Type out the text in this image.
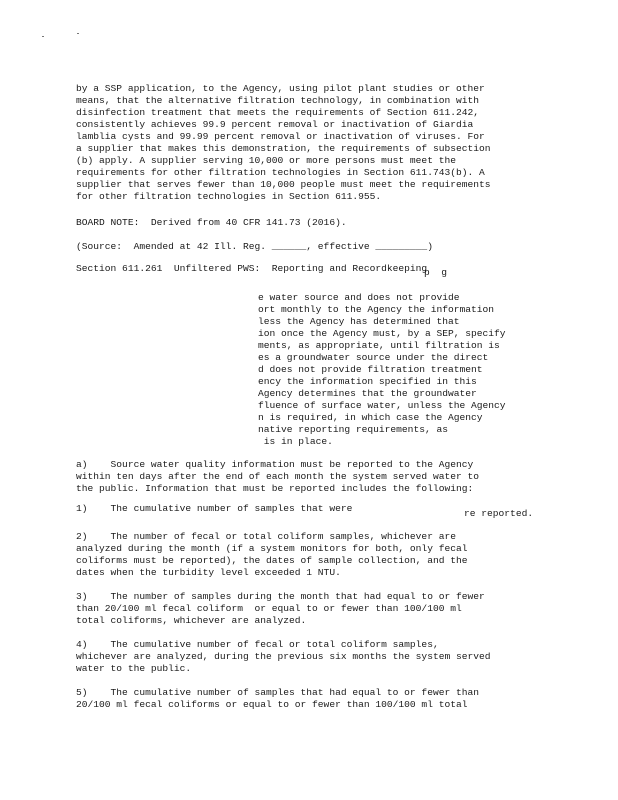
by a SSP application, to the Agency, using pilot plant studies or other
means, that the alternative filtration technology, in combination with
disinfection treatment that meets the requirements of Section 611.242,
consistently achieves 99.9 percent removal or inactivation of Giardia
lamblia cysts and 99.99 percent removal or inactivation of viruses. For
a supplier that makes this demonstration, the requirements of subsection
(b) apply. A supplier serving 10,000 or more persons must meet the
requirements for other filtration technologies in Section 611.743(b). A
supplier that serves fewer than 10,000 people must meet the requirements
for other filtration technologies in Section 611.955.
BOARD NOTE:  Derived from 40 CFR 141.73 (2016).
(Source:  Amended at 42 Ill. Reg. ______, effective _________)
Section 611.261  Unfiltered PWS:  Reporting and Recordkeeping
p  g
e water source and does not provide
ort monthly to the Agency the information
less the Agency has determined that
ion once the Agency must, by a SEP, specify
ments, as appropriate, until filtration is
es a groundwater source under the direct
d does not provide filtration treatment
ency the information specified in this
Agency determines that the groundwater
fluence of surface water, unless the Agency
n is required, in which case the Agency
native reporting requirements, as
is in place.
a)    Source water quality information must be reported to the Agency
within ten days after the end of each month the system served water to
the public. Information that must be reported includes the following:
1)    The cumulative number of samples that were	re reported.
2)    The number of fecal or total coliform samples, whichever are
analyzed during the month (if a system monitors for both, only fecal
coliforms must be reported), the dates of sample collection, and the
dates when the turbidity level exceeded 1 NTU.
3)    The number of samples during the month that had equal to or fewer
than 20/100 ml fecal coliform  or equal to or fewer than 100/100 ml
total coliforms, whichever are analyzed.
4)    The cumulative number of fecal or total coliform samples,
whichever are analyzed, during the previous six months the system served
water to the public.
5)    The cumulative number of samples that had equal to or fewer than
20/100 ml fecal coliforms or equal to or fewer than 100/100 ml total
